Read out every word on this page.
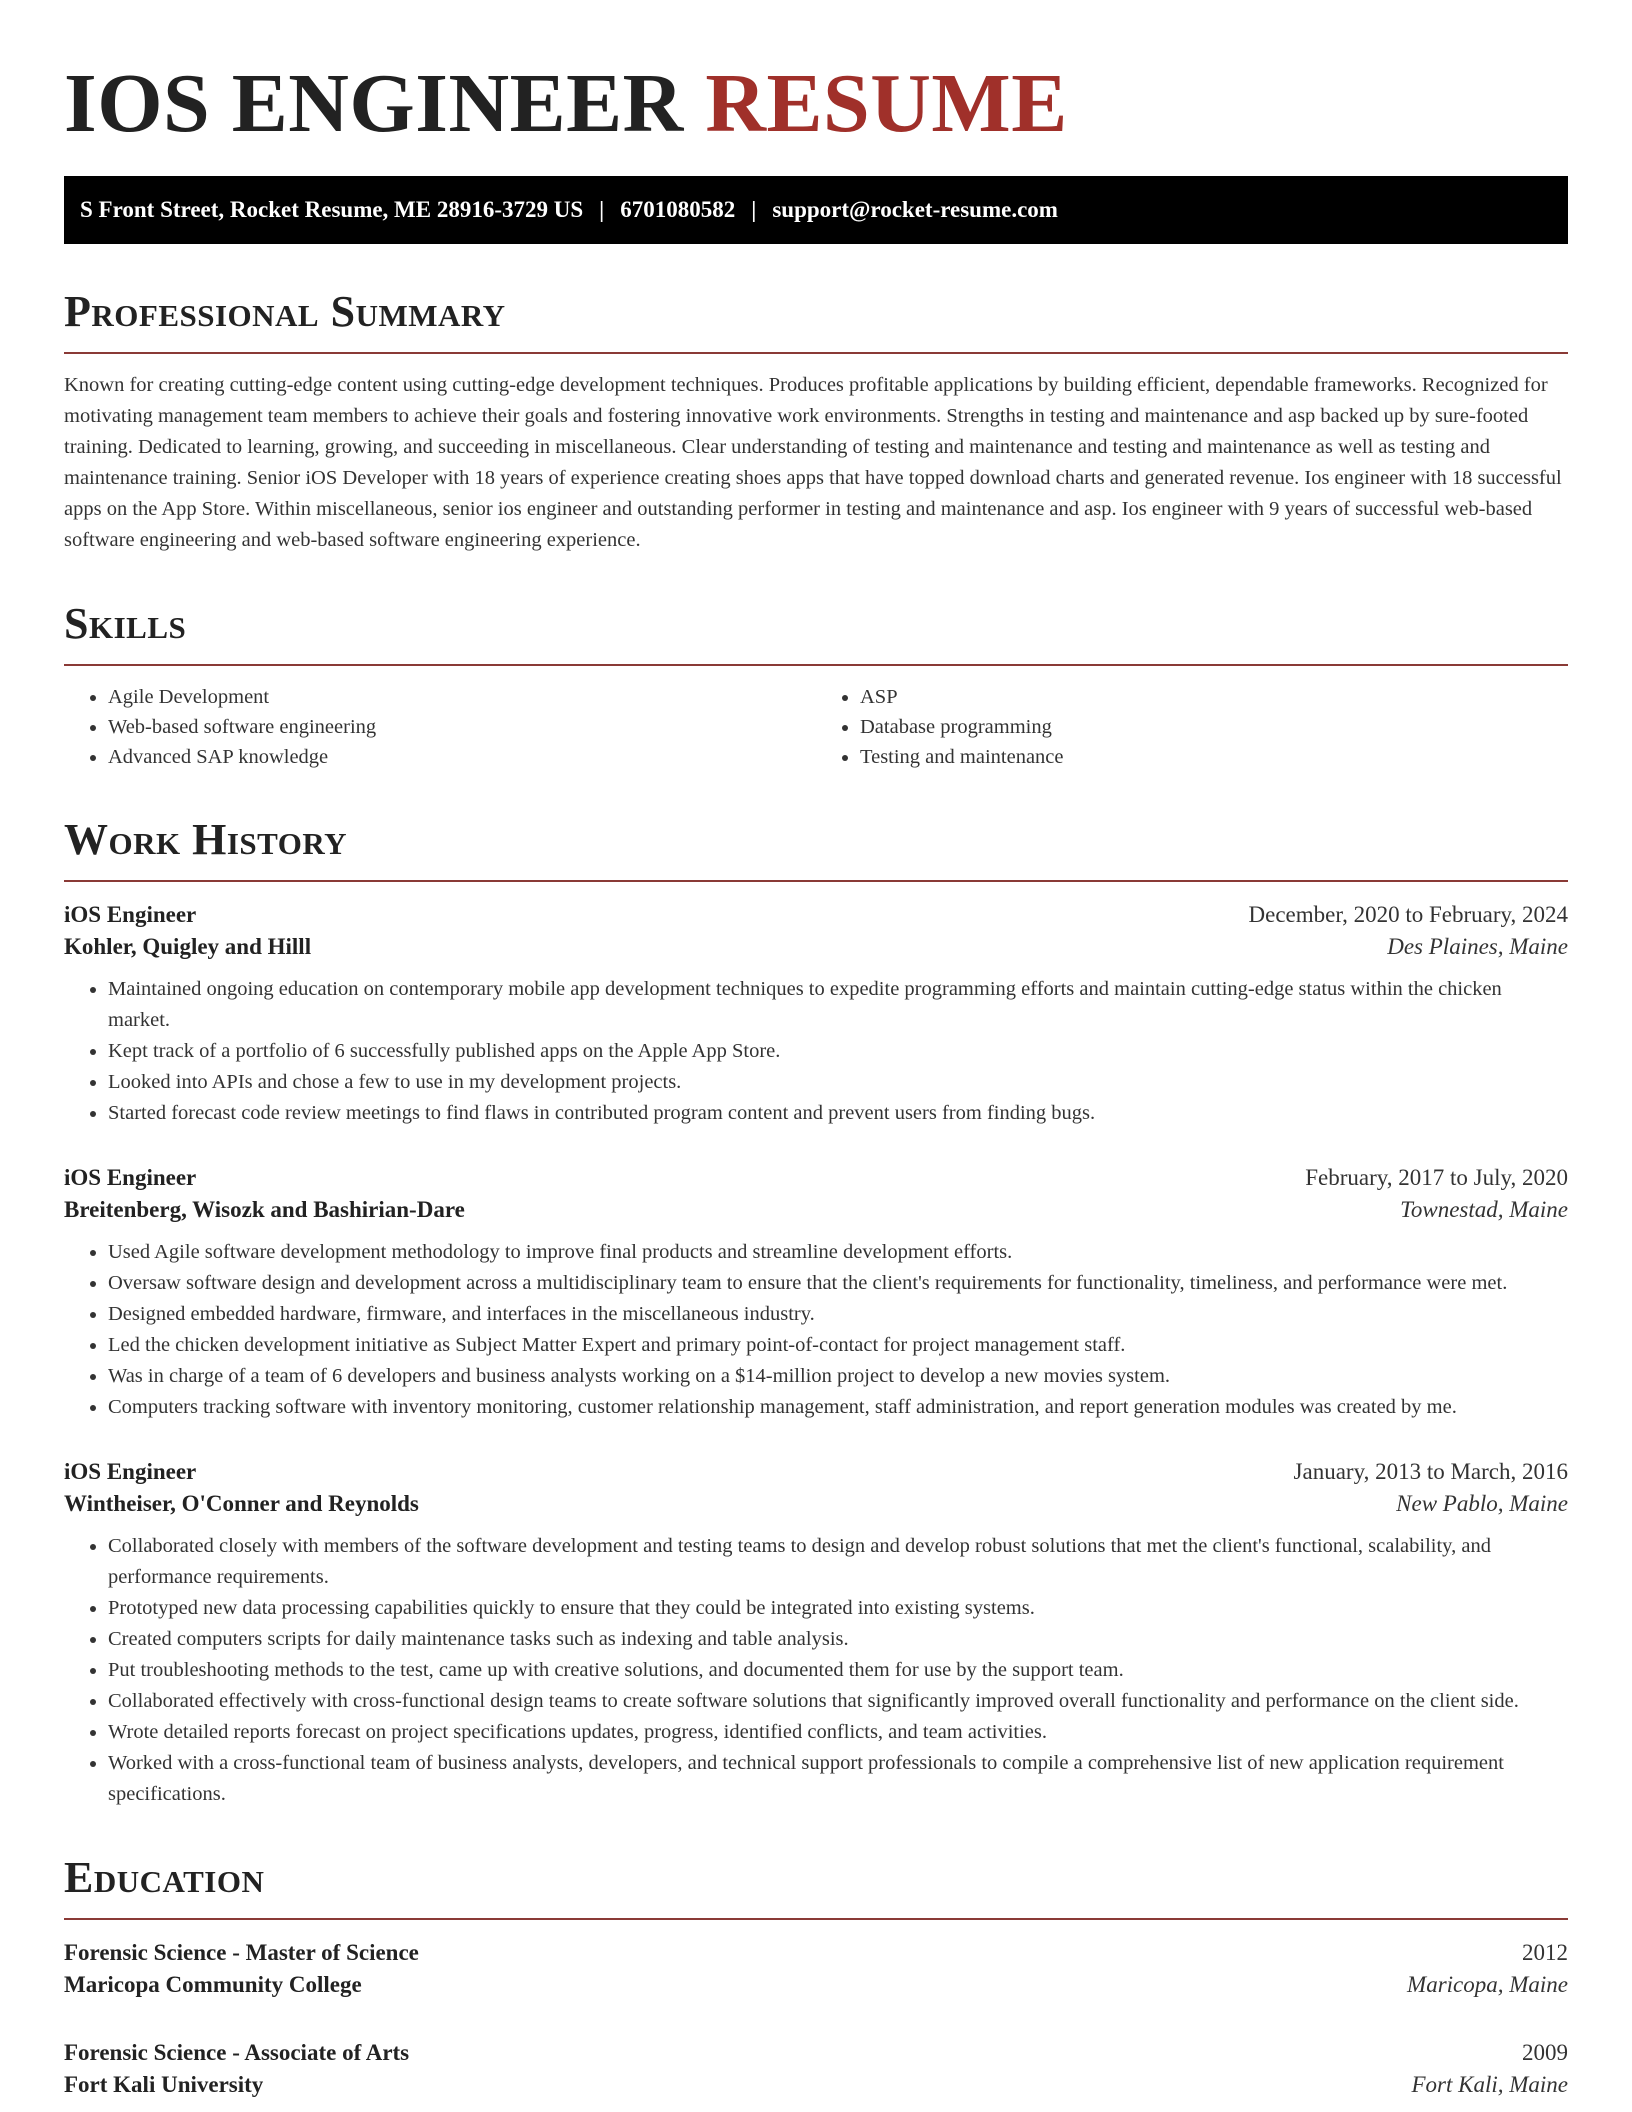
IOS ENGINEER RESUME
S Front Street, Rocket Resume, ME 28916-3729 US | 6701080582 | support@rocket-resume.com
Professional Summary

Known for creating cutting-edge content using cutting-edge development techniques. Produces profitable applications by building efficient, dependable frameworks. Recognized for motivating management team members to achieve their goals and fostering innovative work environments. Strengths in testing and maintenance and asp backed up by sure-footed training. Dedicated to learning, growing, and succeeding in miscellaneous. Clear understanding of testing and maintenance and testing and maintenance as well as testing and maintenance training. Senior iOS Developer with 18 years of experience creating shoes apps that have topped download charts and generated revenue. Ios engineer with 18 successful apps on the App Store. Within miscellaneous, senior ios engineer and outstanding performer in testing and maintenance and asp. Ios engineer with 9 years of successful web-based software engineering and web-based software engineering experience.

Skills
• Agile Development
• Web-based software engineering
• Advanced SAP knowledge
• ASP
• Database programming
• Testing and maintenance
Work History
iOS Engineer	December, 2020 to February, 2024
Kohler, Quigley and Hilll	Des Plaines, Maine
• Maintained ongoing education on contemporary mobile app development techniques to expedite programming efforts and maintain cutting-edge status within the chicken market.
• Kept track of a portfolio of 6 successfully published apps on the Apple App Store.
• Looked into APIs and chose a few to use in my development projects.
• Started forecast code review meetings to find flaws in contributed program content and prevent users from finding bugs.
iOS Engineer	February, 2017 to July, 2020
Breitenberg, Wisozk and Bashirian-Dare	Townestad, Maine
• Used Agile software development methodology to improve final products and streamline development efforts.
• Oversaw software design and development across a multidisciplinary team to ensure that the client's requirements for functionality, timeliness, and performance were met.
• Designed embedded hardware, firmware, and interfaces in the miscellaneous industry.
• Led the chicken development initiative as Subject Matter Expert and primary point-of-contact for project management staff.
• Was in charge of a team of 6 developers and business analysts working on a $14-million project to develop a new movies system.
• Computers tracking software with inventory monitoring, customer relationship management, staff administration, and report generation modules was created by me.
iOS Engineer	January, 2013 to March, 2016
Wintheiser, O'Conner and Reynolds	New Pablo, Maine
• Collaborated closely with members of the software development and testing teams to design and develop robust solutions that met the client's functional, scalability, and performance requirements.
• Prototyped new data processing capabilities quickly to ensure that they could be integrated into existing systems.
• Created computers scripts for daily maintenance tasks such as indexing and table analysis.
• Put troubleshooting methods to the test, came up with creative solutions, and documented them for use by the support team.
• Collaborated effectively with cross-functional design teams to create software solutions that significantly improved overall functionality and performance on the client side.
• Wrote detailed reports forecast on project specifications updates, progress, identified conflicts, and team activities.
• Worked with a cross-functional team of business analysts, developers, and technical support professionals to compile a comprehensive list of new application requirement specifications.
Education
Forensic Science - Master of Science	2012
Maricopa Community College	Maricopa, Maine
Forensic Science - Associate of Arts	2009
Fort Kali University	Fort Kali, Maine
